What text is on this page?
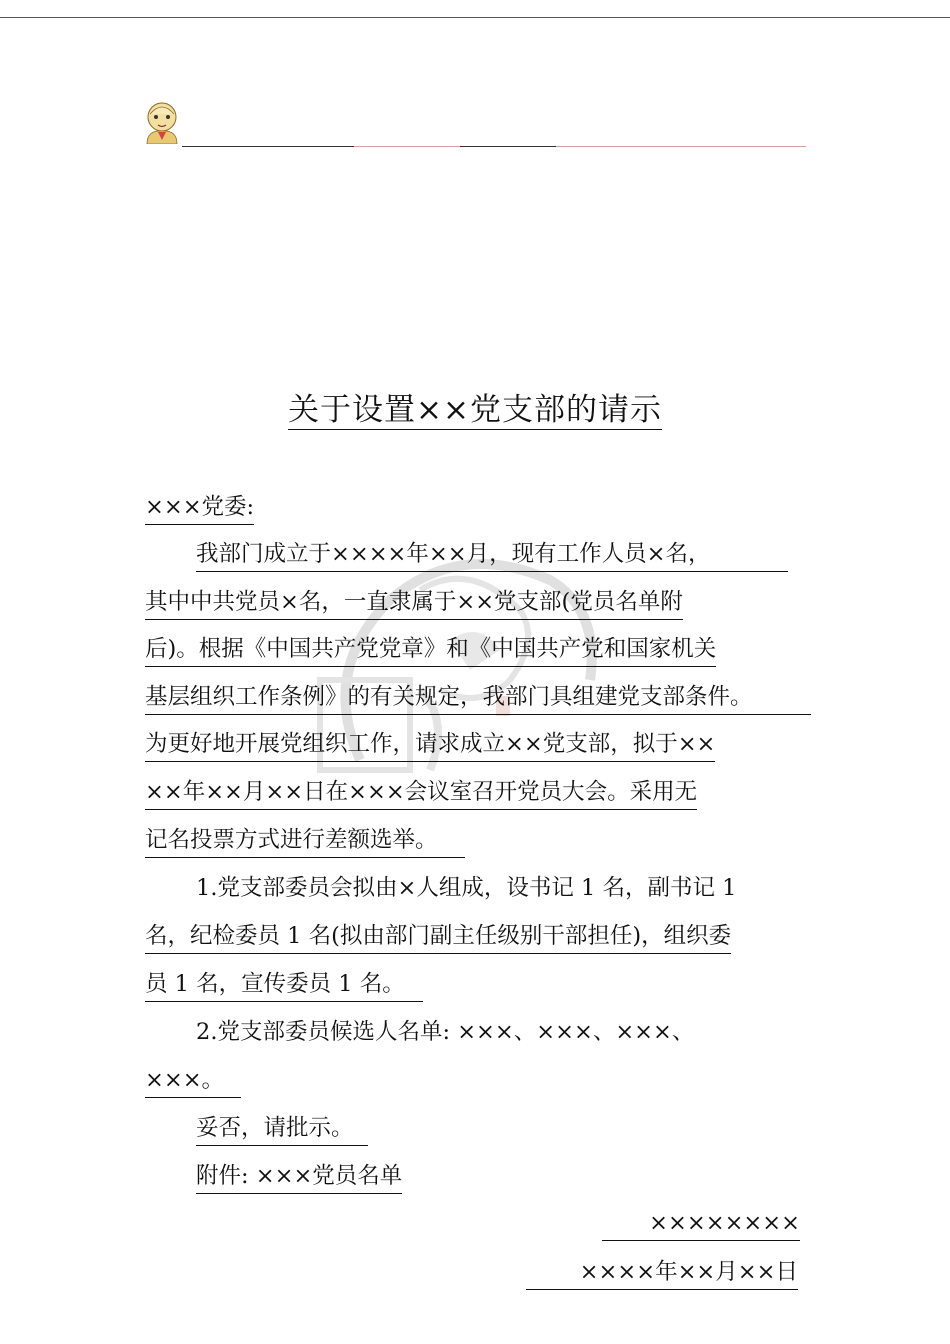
关于设置××党支部的请示
×××党委:
我部门成立于××××年××月，现有工作人员×名，
其中中共党员×名，一直隶属于××党支部(党员名单附
后)。根据《中国共产党党章》和《中国共产党和国家机关
基层组织工作条例》的有关规定，我部门具组建党支部条件。
为更好地开展党组织工作，请求成立××党支部，拟于××
××年××月××日在×××会议室召开党员大会。采用无
记名投票方式进行差额选举。
1.党支部委员会拟由×人组成，设书记 1 名，副书记 1
名，纪检委员 1 名(拟由部门副主任级别干部担任)，组织委
员 1 名，宣传委员 1 名。
2.党支部委员候选人名单: ×××、×××、×××、
×××。
妥否，请批示。
附件: ×××党员名单
××××××××
××××年××月××日
